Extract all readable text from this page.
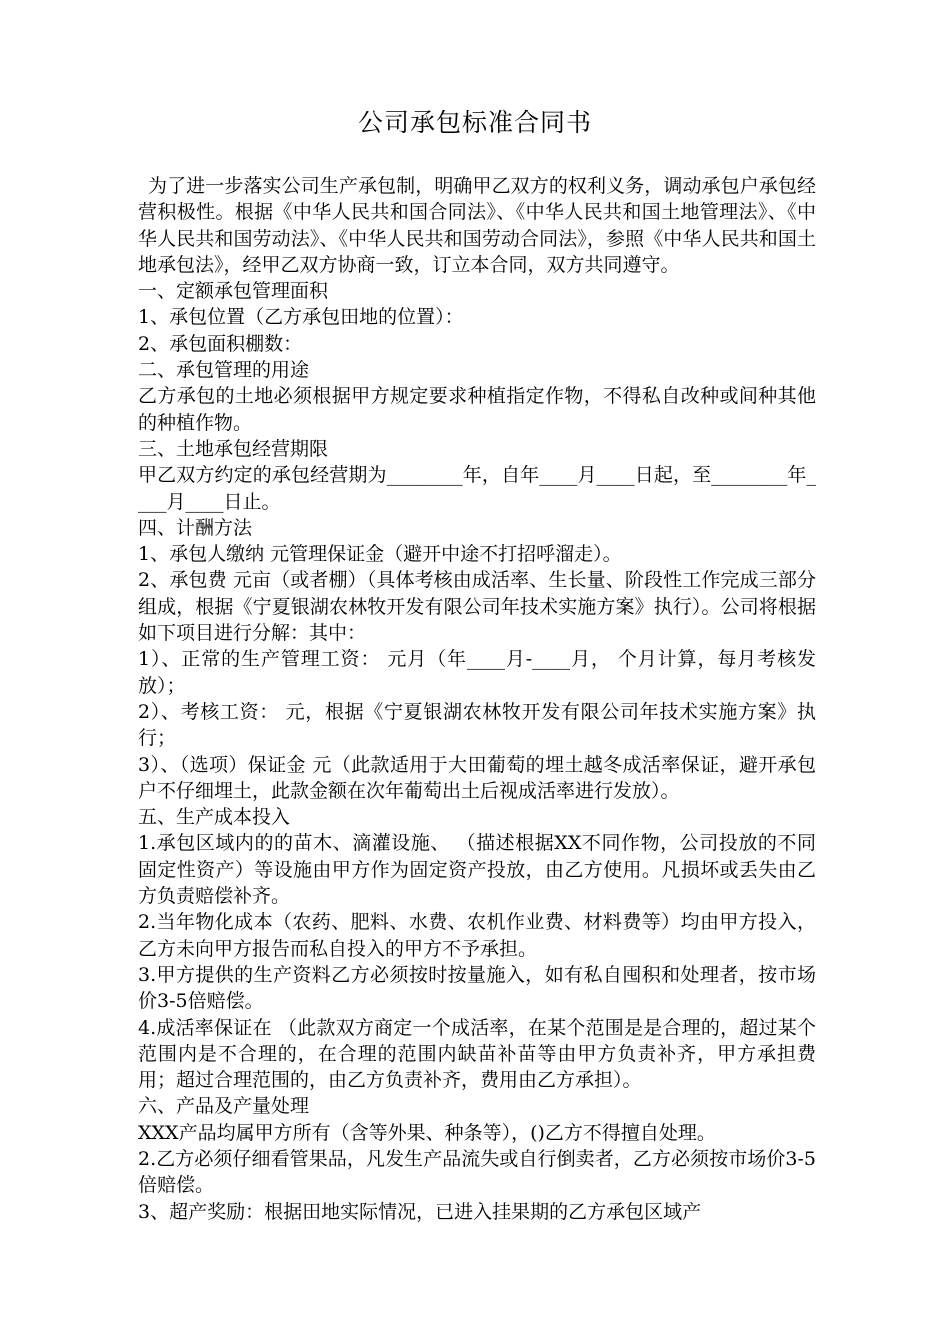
公司承包标准合同书

为了进一步落实公司生产承包制，明确甲乙双方的权利义务，调动承包户承包经营积极性。根据《中华人民共和国合同法》、《中华人民共和国土地管理法》、《中华人民共和国劳动法》、《中华人民共和国劳动合同法》，参照《中华人民共和国土地承包法》，经甲乙双方协商一致，订立本合同，双方共同遵守。

一、定额承包管理面积

1、承包位置（乙方承包田地的位置）：

2、承包面积棚数：

二、承包管理的用途

乙方承包的土地必须根据甲方规定要求种植指定作物，不得私自改种或间种其他的种植作物。

三、土地承包经营期限

甲乙双方约定的承包经营期为________年，自年____月____日起，至________年____月____日止。

四、计酬方法

1、承包人缴纳 元管理保证金（避开中途不打招呼溜走）。

2、承包费 元亩（或者棚）（具体考核由成活率、生长量、阶段性工作完成三部分组成，根据《宁夏银湖农林牧开发有限公司年技术实施方案》执行）。公司将根据如下项目进行分解：其中：

1）、正常的生产管理工资： 元月（年____月-____月， 个月计算，每月考核发放）；

2）、考核工资： 元，根据《宁夏银湖农林牧开发有限公司年技术实施方案》执行；

3）、（选项）保证金 元（此款适用于大田葡萄的埋土越冬成活率保证，避开承包户不仔细埋土，此款金额在次年葡萄出土后视成活率进行发放）。

五、生产成本投入

1.承包区域内的的苗木、滴灌设施、 （描述根据XX不同作物，公司投放的不同固定性资产）等设施由甲方作为固定资产投放，由乙方使用。凡损坏或丢失由乙方负责赔偿补齐。

2.当年物化成本（农药、肥料、水费、农机作业费、材料费等）均由甲方投入，乙方未向甲方报告而私自投入的甲方不予承担。

3.甲方提供的生产资料乙方必须按时按量施入，如有私自囤积和处理者，按市场价3-5倍赔偿。

4.成活率保证在 （此款双方商定一个成活率，在某个范围是是合理的，超过某个范围内是不合理的，在合理的范围内缺苗补苗等由甲方负责补齐，甲方承担费用；超过合理范围的，由乙方负责补齐，费用由乙方承担）。

六、产品及产量处理

XXX产品均属甲方所有（含等外果、种条等），()乙方不得擅自处理。

2.乙方必须仔细看管果品，凡发生产品流失或自行倒卖者，乙方必须按市场价3-5倍赔偿。

3、超产奖励：根据田地实际情况，已进入挂果期的乙方承包区域产
